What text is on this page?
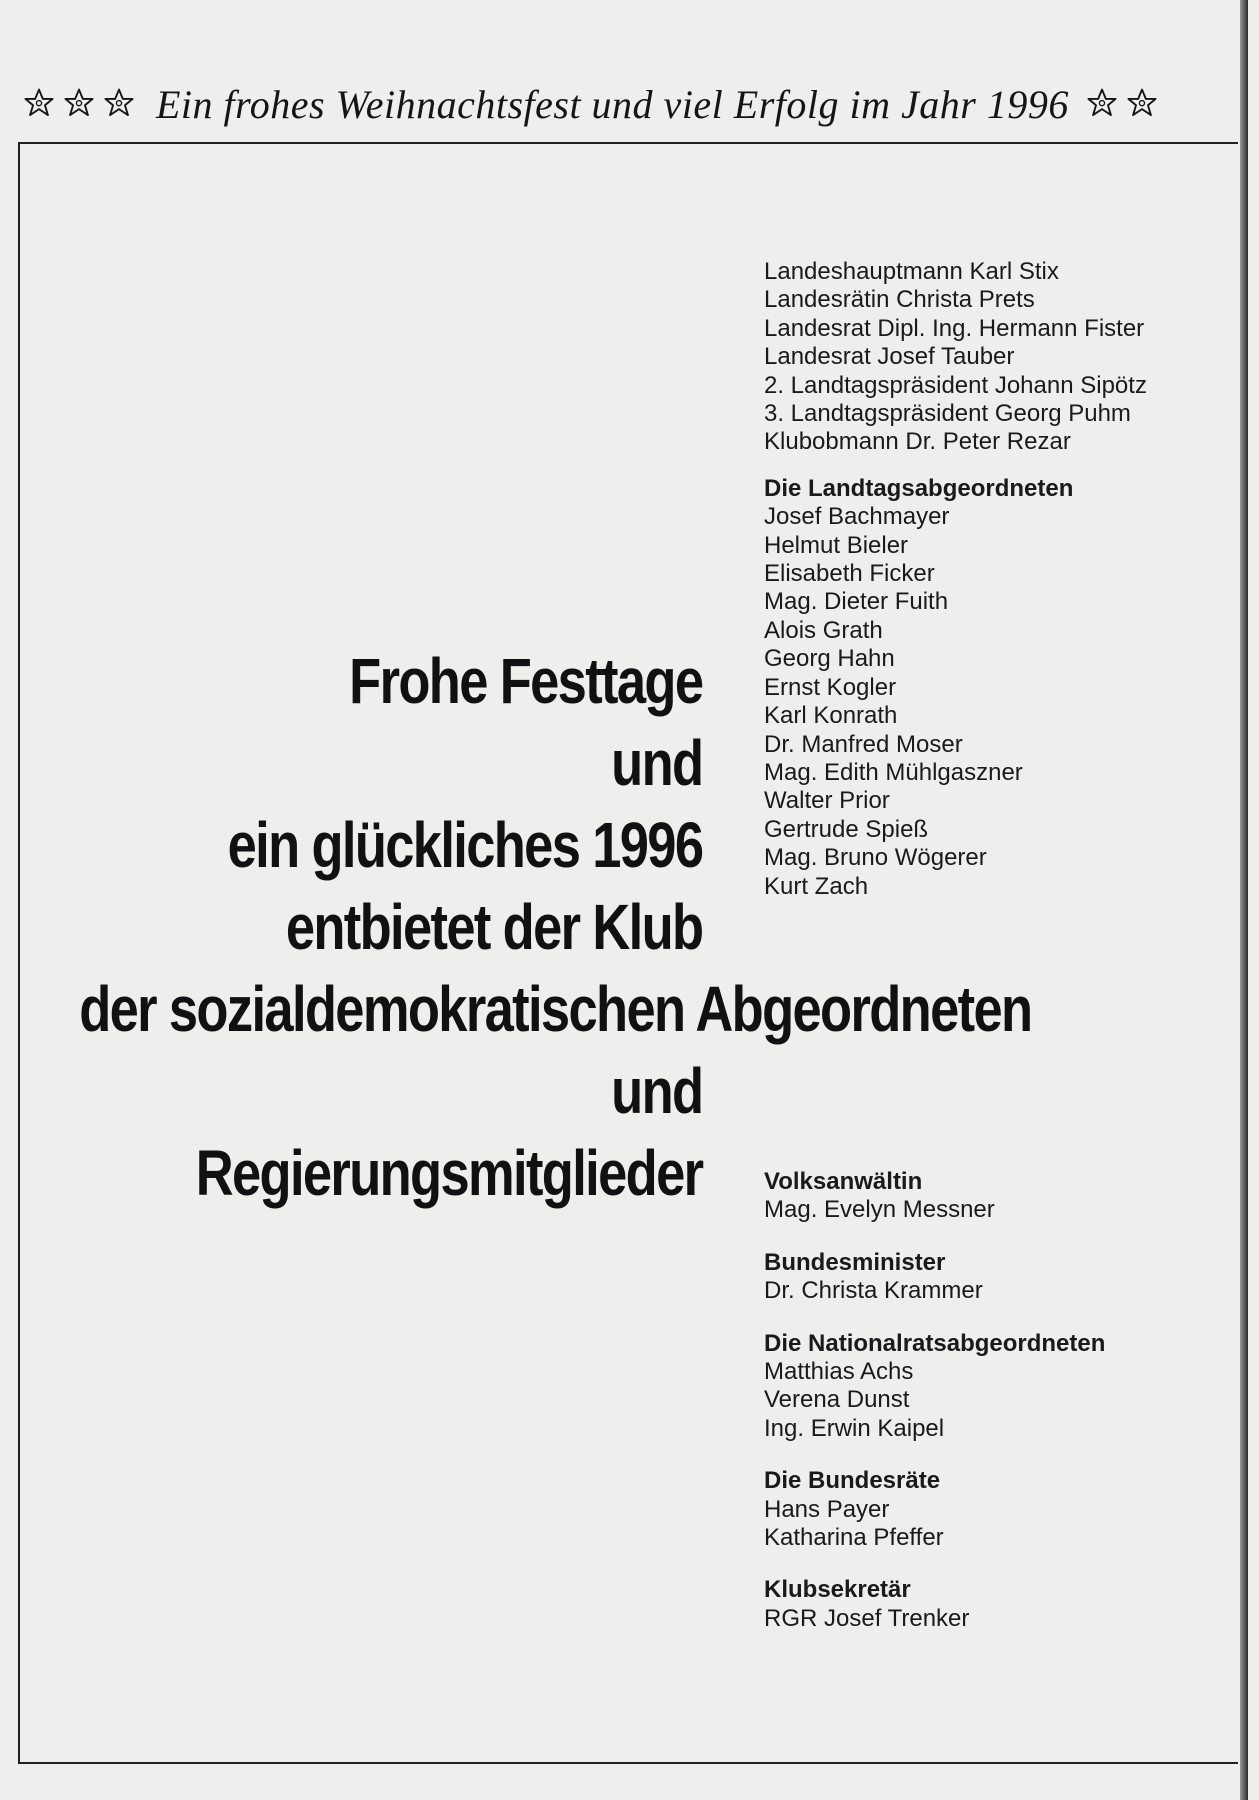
Ein frohes Weihnachtsfest und viel Erfolg im Jahr 1996
Frohe Festtage
und
ein glückliches 1996
entbietet der Klub
der sozialdemokratischen Abgeordneten
und
Regierungsmitglieder
Landeshauptmann Karl Stix
Landesrätin Christa Prets
Landesrat Dipl. Ing. Hermann Fister
Landesrat Josef Tauber
2. Landtagspräsident Johann Sipötz
3. Landtagspräsident Georg Puhm
Klubobmann Dr. Peter Rezar
Die Landtagsabgeordneten
Josef Bachmayer
Helmut Bieler
Elisabeth Ficker
Mag. Dieter Fuith
Alois Grath
Georg Hahn
Ernst Kogler
Karl Konrath
Dr. Manfred Moser
Mag. Edith Mühlgaszner
Walter Prior
Gertrude Spieß
Mag. Bruno Wögerer
Kurt Zach
Volksanwältin
Mag. Evelyn Messner
Bundesminister
Dr. Christa Krammer
Die Nationalratsabgeordneten
Matthias Achs
Verena Dunst
Ing. Erwin Kaipel
Die Bundesräte
Hans Payer
Katharina Pfeffer
Klubsekretär
RGR Josef Trenker
